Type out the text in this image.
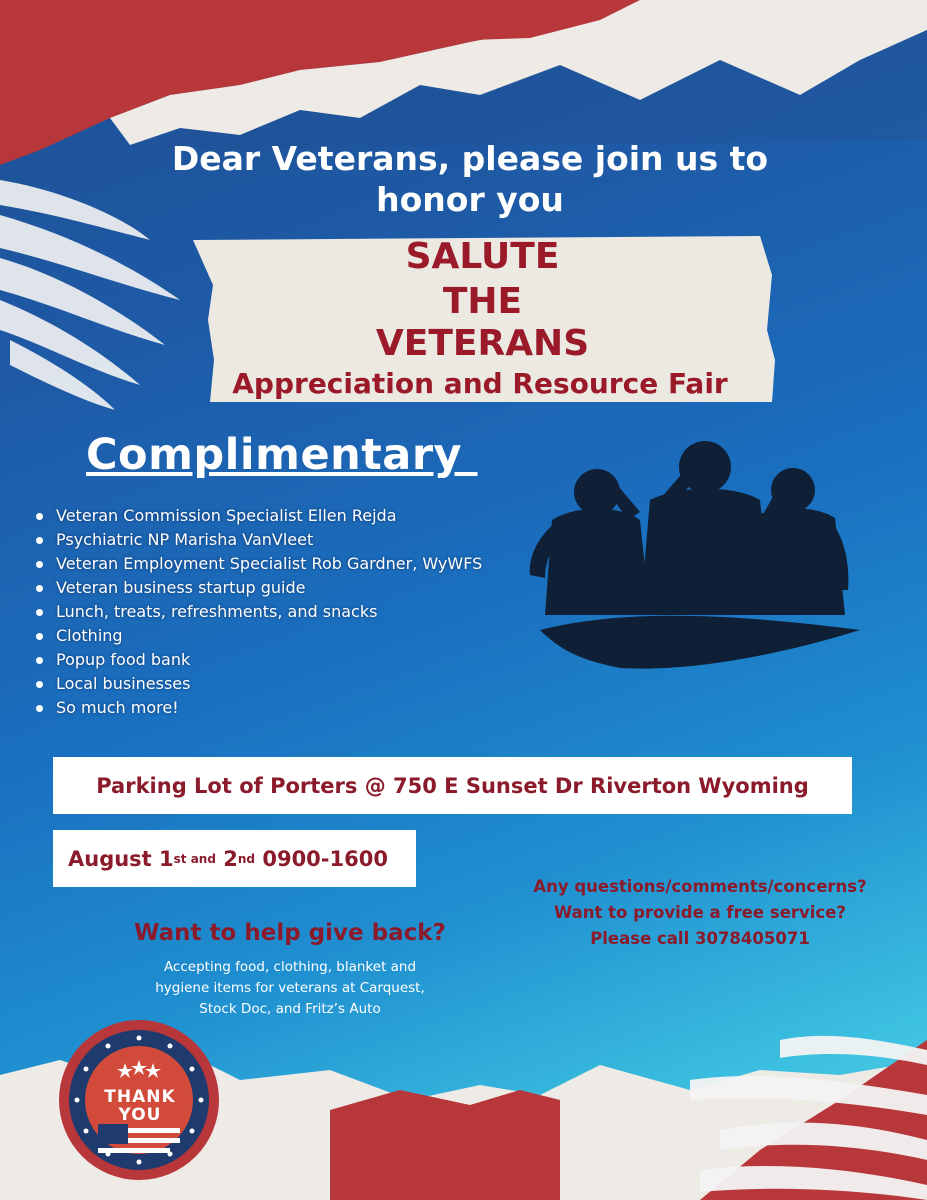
Dear Veterans, please join us to
honor you
SALUTE
THE
VETERANS
Appreciation and Resource Fair
Complimentary
Veteran Commission Specialist Ellen Rejda
Psychiatric NP Marisha VanVleet
Veteran Employment Specialist Rob Gardner, WyWFS
Veteran business startup guide
Lunch, treats, refreshments, and snacks
Clothing
Popup food bank
Local businesses
So much more!
Parking Lot of Porters @ 750 E Sunset Dr Riverton Wyoming
August 1 st and 2 nd 0900-1600
Any questions/comments/concerns?
Want to provide a free service?
Please call 3078405071
Want to help give back?
Accepting food, clothing, blanket and
hygiene items for veterans at Carquest,
Stock Doc, and Fritz’s Auto
THANK
YOU
